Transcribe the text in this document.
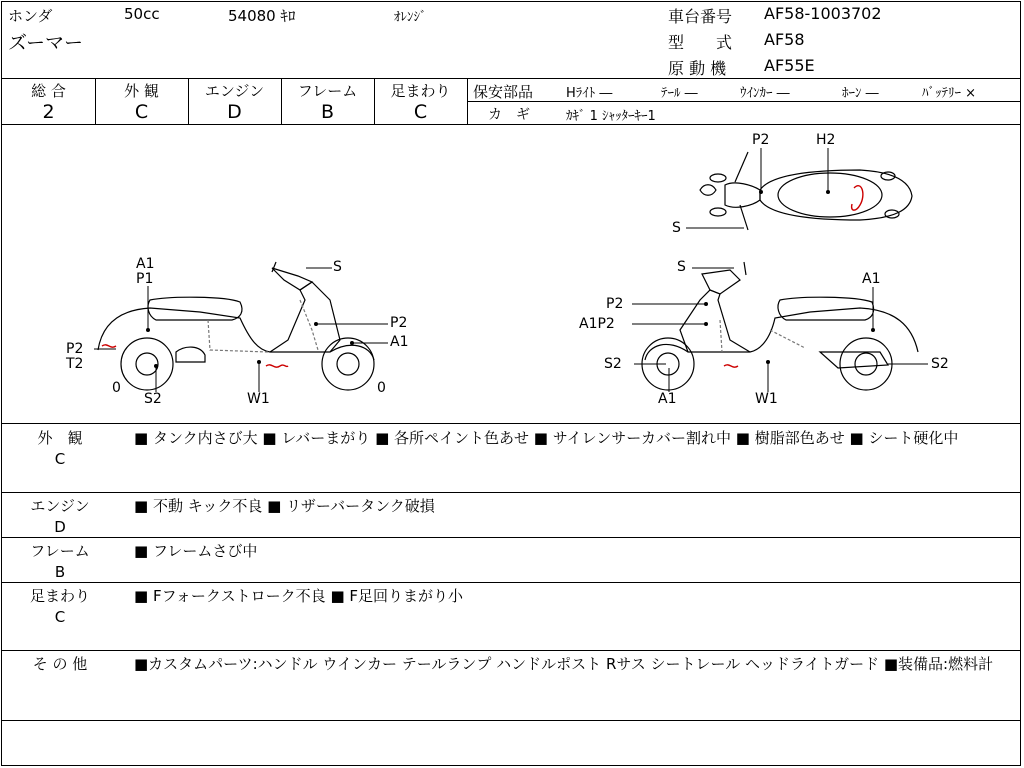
ホンダ	50cc	54080 ｷﾛ	ｵﾚﾝｼﾞ
ズーマー
車台番号 AF58-1003702
型　　式 AF58
原 動 機 AF55E
総 合
2
外 観
C
エンジン
D
フレーム
B
足まわり
C
保安部品	Hﾗｲﾄ ―	ﾃｰﾙ ―	ｳｲﾝｶｰ ―	ﾎｰﾝ ―	ﾊﾞｯﾃﾘｰ ×
カ　ギ	ｶｷﾞ 1 ｼｬｯﾀｰｷｰ1
P2	H2
S
A1
P1
S
P2
A1
P2
T2
0
S2	W1
0
S
A1
P2
A1P2
S2	S2
A1	W1
外　観
C
■ タンク内さび大 ■ レバーまがり ■ 各所ペイント色あせ ■ サイレンサーカバー割れ中 ■ 樹脂部色あせ ■ シート硬化中
エンジン
D
■ 不動 キック不良 ■ リザーバータンク破損
フレーム
B
■ フレームさび中
足まわり
C
■ Fフォークストローク不良 ■ F足回りまがり小
そ の 他	■カスタムパーツ:ハンドル ウインカー テールランプ ハンドルポスト Rサス シートレール ヘッドライトガード ■装備品:燃料計
